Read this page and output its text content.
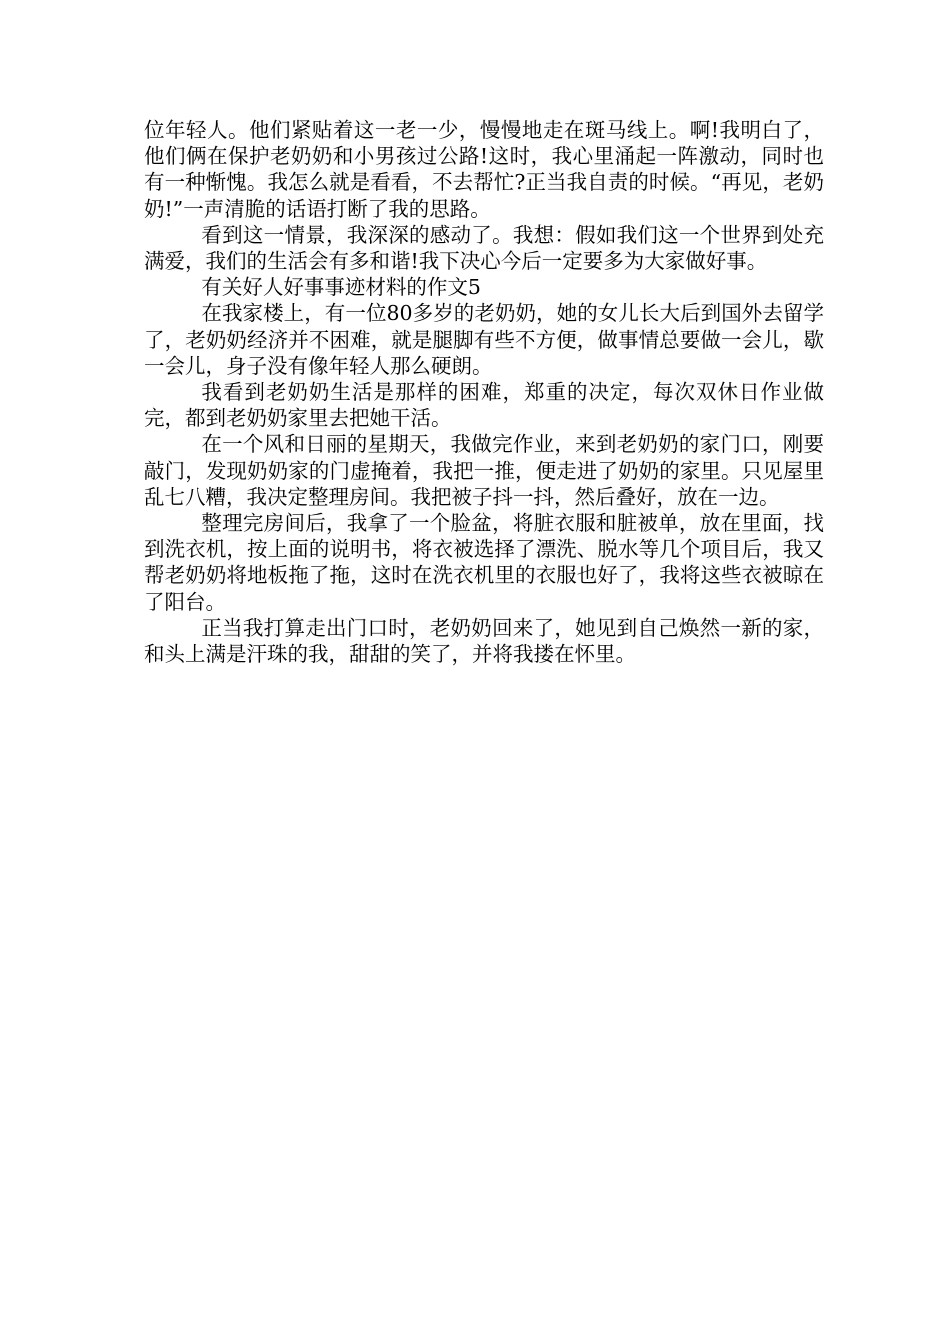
位年轻人。他们紧贴着这一老一少，慢慢地走在斑马线上。啊!我明白了，他们俩在保护老奶奶和小男孩过公路!这时，我心里涌起一阵激动，同时也有一种惭愧。我怎么就是看看，不去帮忙?正当我自责的时候。“再见，老奶奶!”一声清脆的话语打断了我的思路。

看到这一情景，我深深的感动了。我想：假如我们这一个世界到处充满爱，我们的生活会有多和谐!我下决心今后一定要多为大家做好事。

有关好人好事事迹材料的作文5

在我家楼上，有一位80多岁的老奶奶，她的女儿长大后到国外去留学了，老奶奶经济并不困难，就是腿脚有些不方便，做事情总要做一会儿，歇一会儿，身子没有像年轻人那么硬朗。

我看到老奶奶生活是那样的困难，郑重的决定，每次双休日作业做完，都到老奶奶家里去把她干活。

在一个风和日丽的星期天，我做完作业，来到老奶奶的家门口，刚要敲门，发现奶奶家的门虚掩着，我把一推，便走进了奶奶的家里。只见屋里乱七八糟，我决定整理房间。我把被子抖一抖，然后叠好，放在一边。

整理完房间后，我拿了一个脸盆，将脏衣服和脏被单，放在里面，找到洗衣机，按上面的说明书，将衣被选择了漂洗、脱水等几个项目后，我又帮老奶奶将地板拖了拖，这时在洗衣机里的衣服也好了，我将这些衣被晾在了阳台。

正当我打算走出门口时，老奶奶回来了，她见到自己焕然一新的家，和头上满是汗珠的我，甜甜的笑了，并将我搂在怀里。
